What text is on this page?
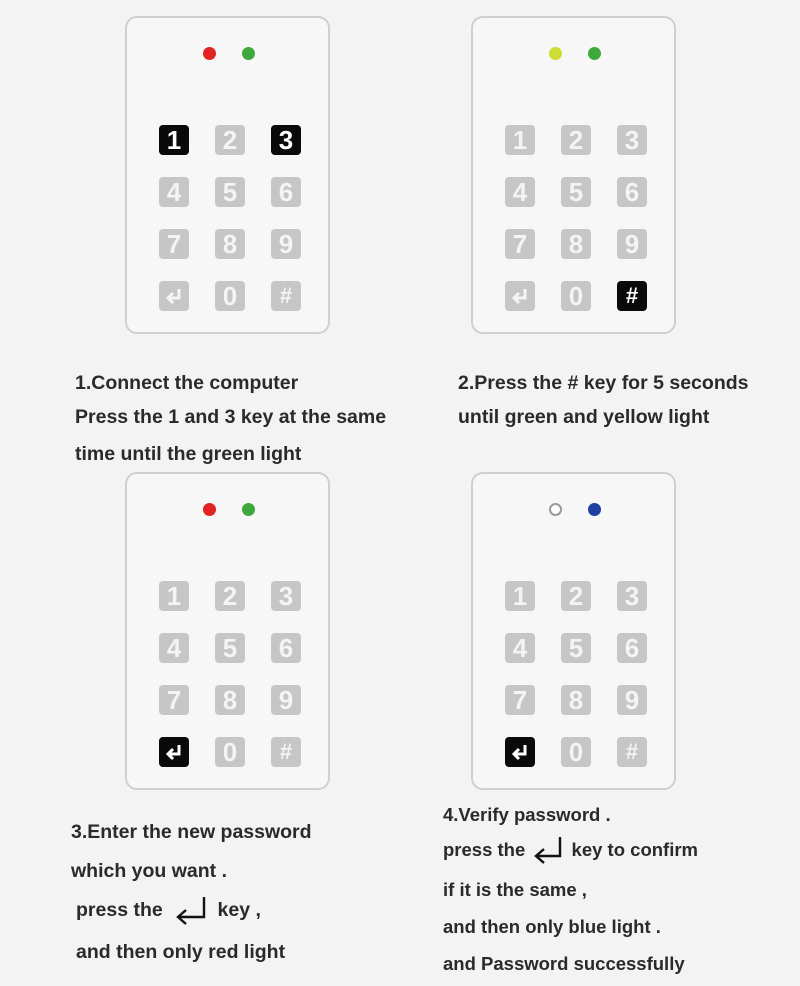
1 2 3
4 5 6
7 8 9
0 #
1 2 3
4 5 6
7 8 9
0 #
1 2 3
4 5 6
7 8 9
0 #
1 2 3
4 5 6
7 8 9
0 #
1.Connect the computer
Press the 1 and 3 key at the same
time until the green light
2.Press the # key for 5 seconds
until green and yellow light
3.Enter the new password
which you want .
press the	key ,
and then only red light
4.Verify password .
press the	key to confirm
if it is the same ,
and then only blue light .
and Password successfully
